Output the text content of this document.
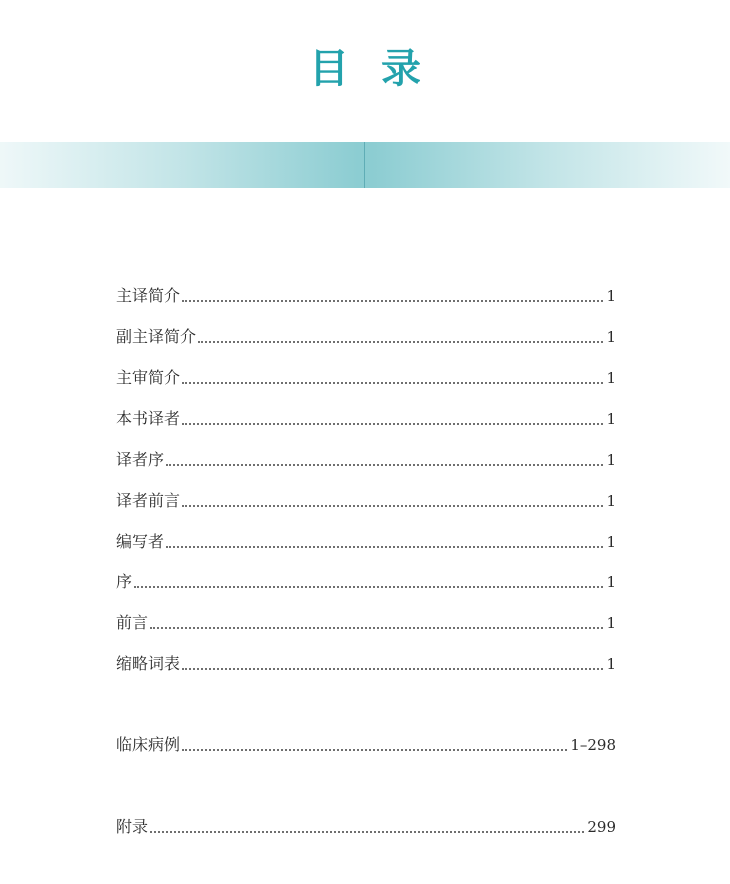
目录
主译简介	1
副主译简介	1
主审简介	1
本书译者	1
译者序	1
译者前言	1
编写者	1
序	1
前言	1
缩略词表	1
临床病例	1–298
附录	299
